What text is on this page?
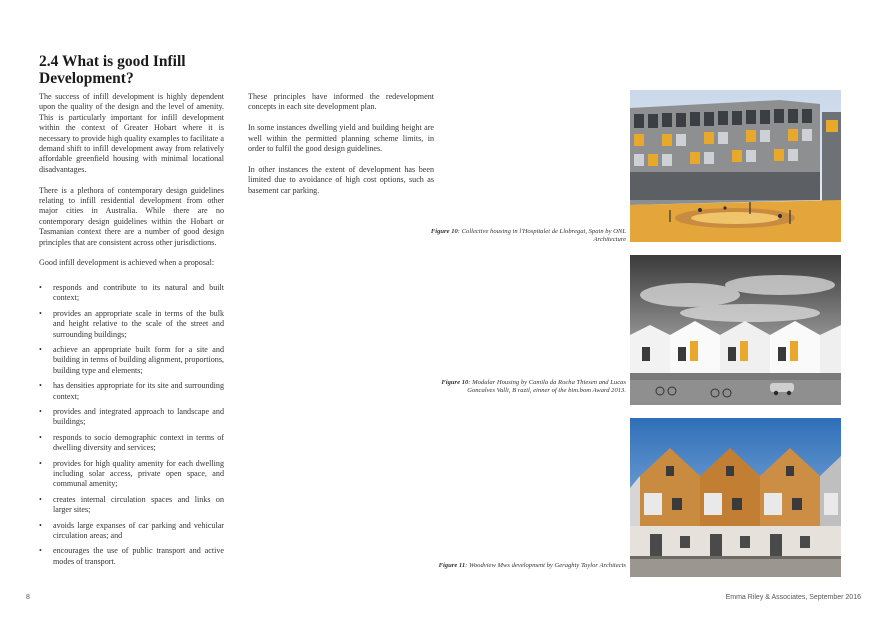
2.4 What is good Infill Development?

The success of infill development is highly dependent upon the quality of the design and the level of amenity. This is particularly important for infill development within the context of Greater Hobart where it is necessary to provide high quality examples to facilitate a demand shift to infill development away from relatively affordable greenfield housing with minimal locational disadvantages.

There is a plethora of contemporary design guidelines relating to infill residential development from other major cities in Australia. While there are no contemporary design guidelines within the Hobart or Tasmanian context there are a number of good design principles that are consistent across other jurisdictions.

Good infill development is achieved when a proposal:

• responds and contribute to its natural and built context;
• provides an appropriate scale in terms of the bulk and height relative to the scale of the street and surrounding buildings;
• achieve an appropriate built form for a site and building in terms of building alignment, proportions, building type and elements;
• has densities appropriate for its site and surrounding context;
• provides and integrated approach to landscape and buildings;
• responds to socio demographic context in terms of dwelling diversity and services;
• provides for high quality amenity for each dwelling including solar access, private open space, and communal amenity;
• creates internal circulation spaces and links on larger sites;
• avoids large expanses of car parking and vehicular circulation areas; and
• encourages the use of public transport and active modes of transport.

These principles have informed the redevelopment concepts in each site development plan.

In some instances dwelling yield and building height are well within the permitted planning scheme limits, in order to fulfil the good design guidelines.

In other instances the extent of development has been limited due to avoidance of high cost options, such as basement car parking.

Figure 10: Collective housing in l'Hospitalet de Llobregat, Spain by ONL Architecture
Figure 10: Modular Housing by Camila da Rocha Thiesen and Lucas Goncalves Valli, B razil, einner of the bim.bom Award 2013.
Figure 11: Woodview Mws development by Geraghty Taylor Architects
8	Emma Riley & Associates, September 2016
